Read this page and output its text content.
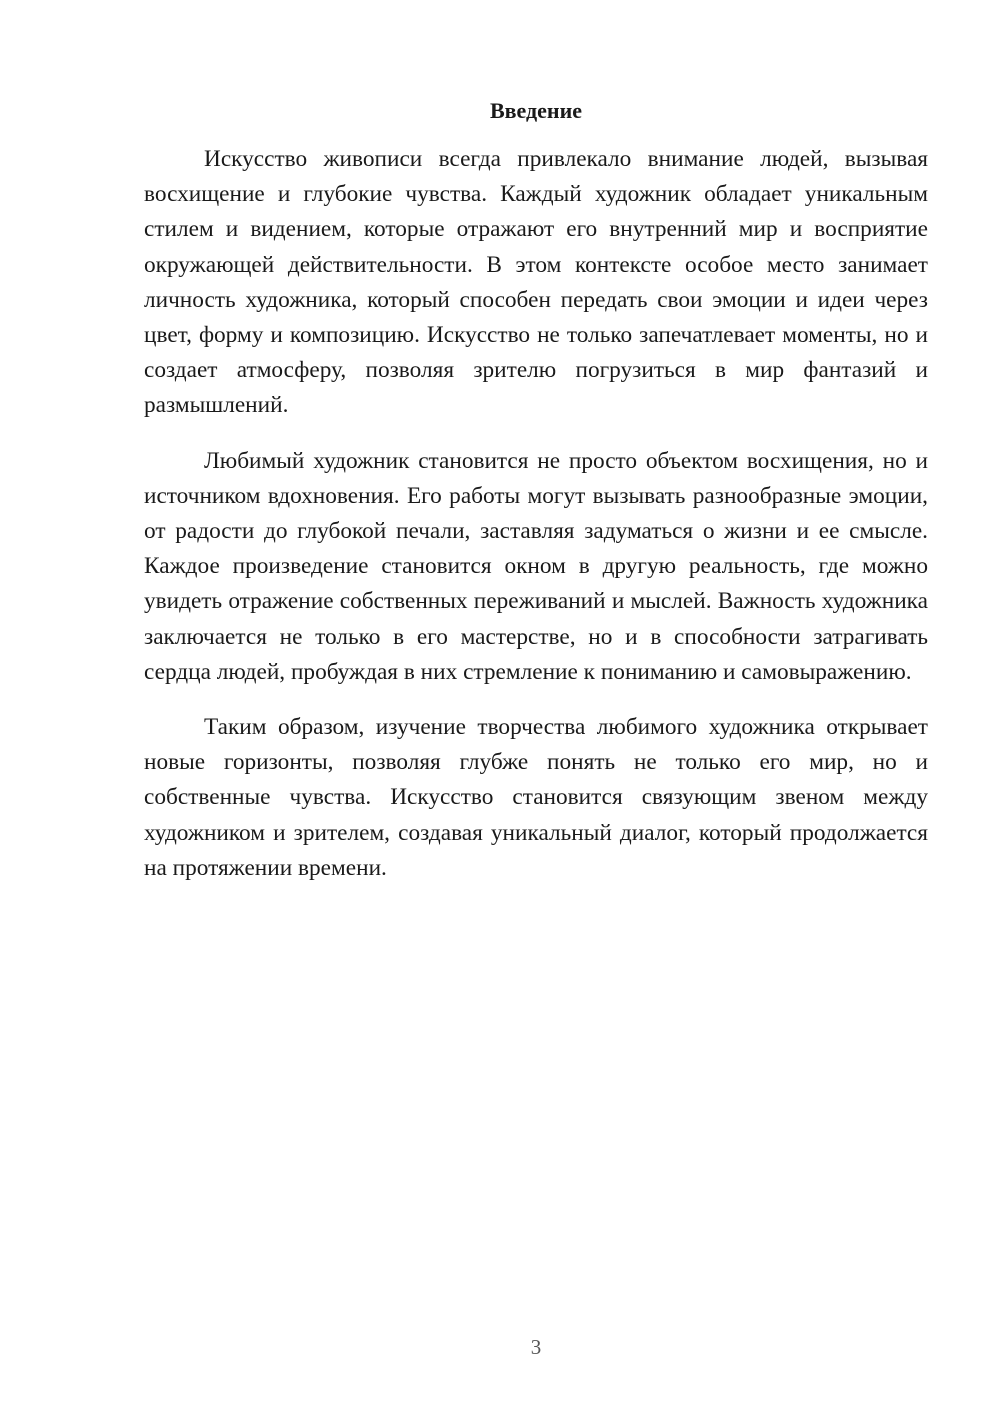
Введение

Искусство живописи всегда привлекало внимание людей, вызывая восхищение и глубокие чувства. Каждый художник обладает уникальным стилем и видением, которые отражают его внутренний мир и восприятие окружающей действительности. В этом контексте особое место занимает личность художника, который способен передать свои эмоции и идеи через цвет, форму и композицию. Искусство не только запечатлевает моменты, но и создает атмосферу, позволяя зрителю погрузиться в мир фантазий и размышлений.

Любимый художник становится не просто объектом восхищения, но и источником вдохновения. Его работы могут вызывать разнообразные эмоции, от радости до глубокой печали, заставляя задуматься о жизни и ее смысле. Каждое произведение становится окном в другую реальность, где можно увидеть отражение собственных переживаний и мыслей. Важность художника заключается не только в его мастерстве, но и в способности затрагивать сердца людей, пробуждая в них стремление к пониманию и самовыражению.

Таким образом, изучение творчества любимого художника открывает новые горизонты, позволяя глубже понять не только его мир, но и собственные чувства. Искусство становится связующим звеном между художником и зрителем, создавая уникальный диалог, который продолжается на протяжении времени.

3
